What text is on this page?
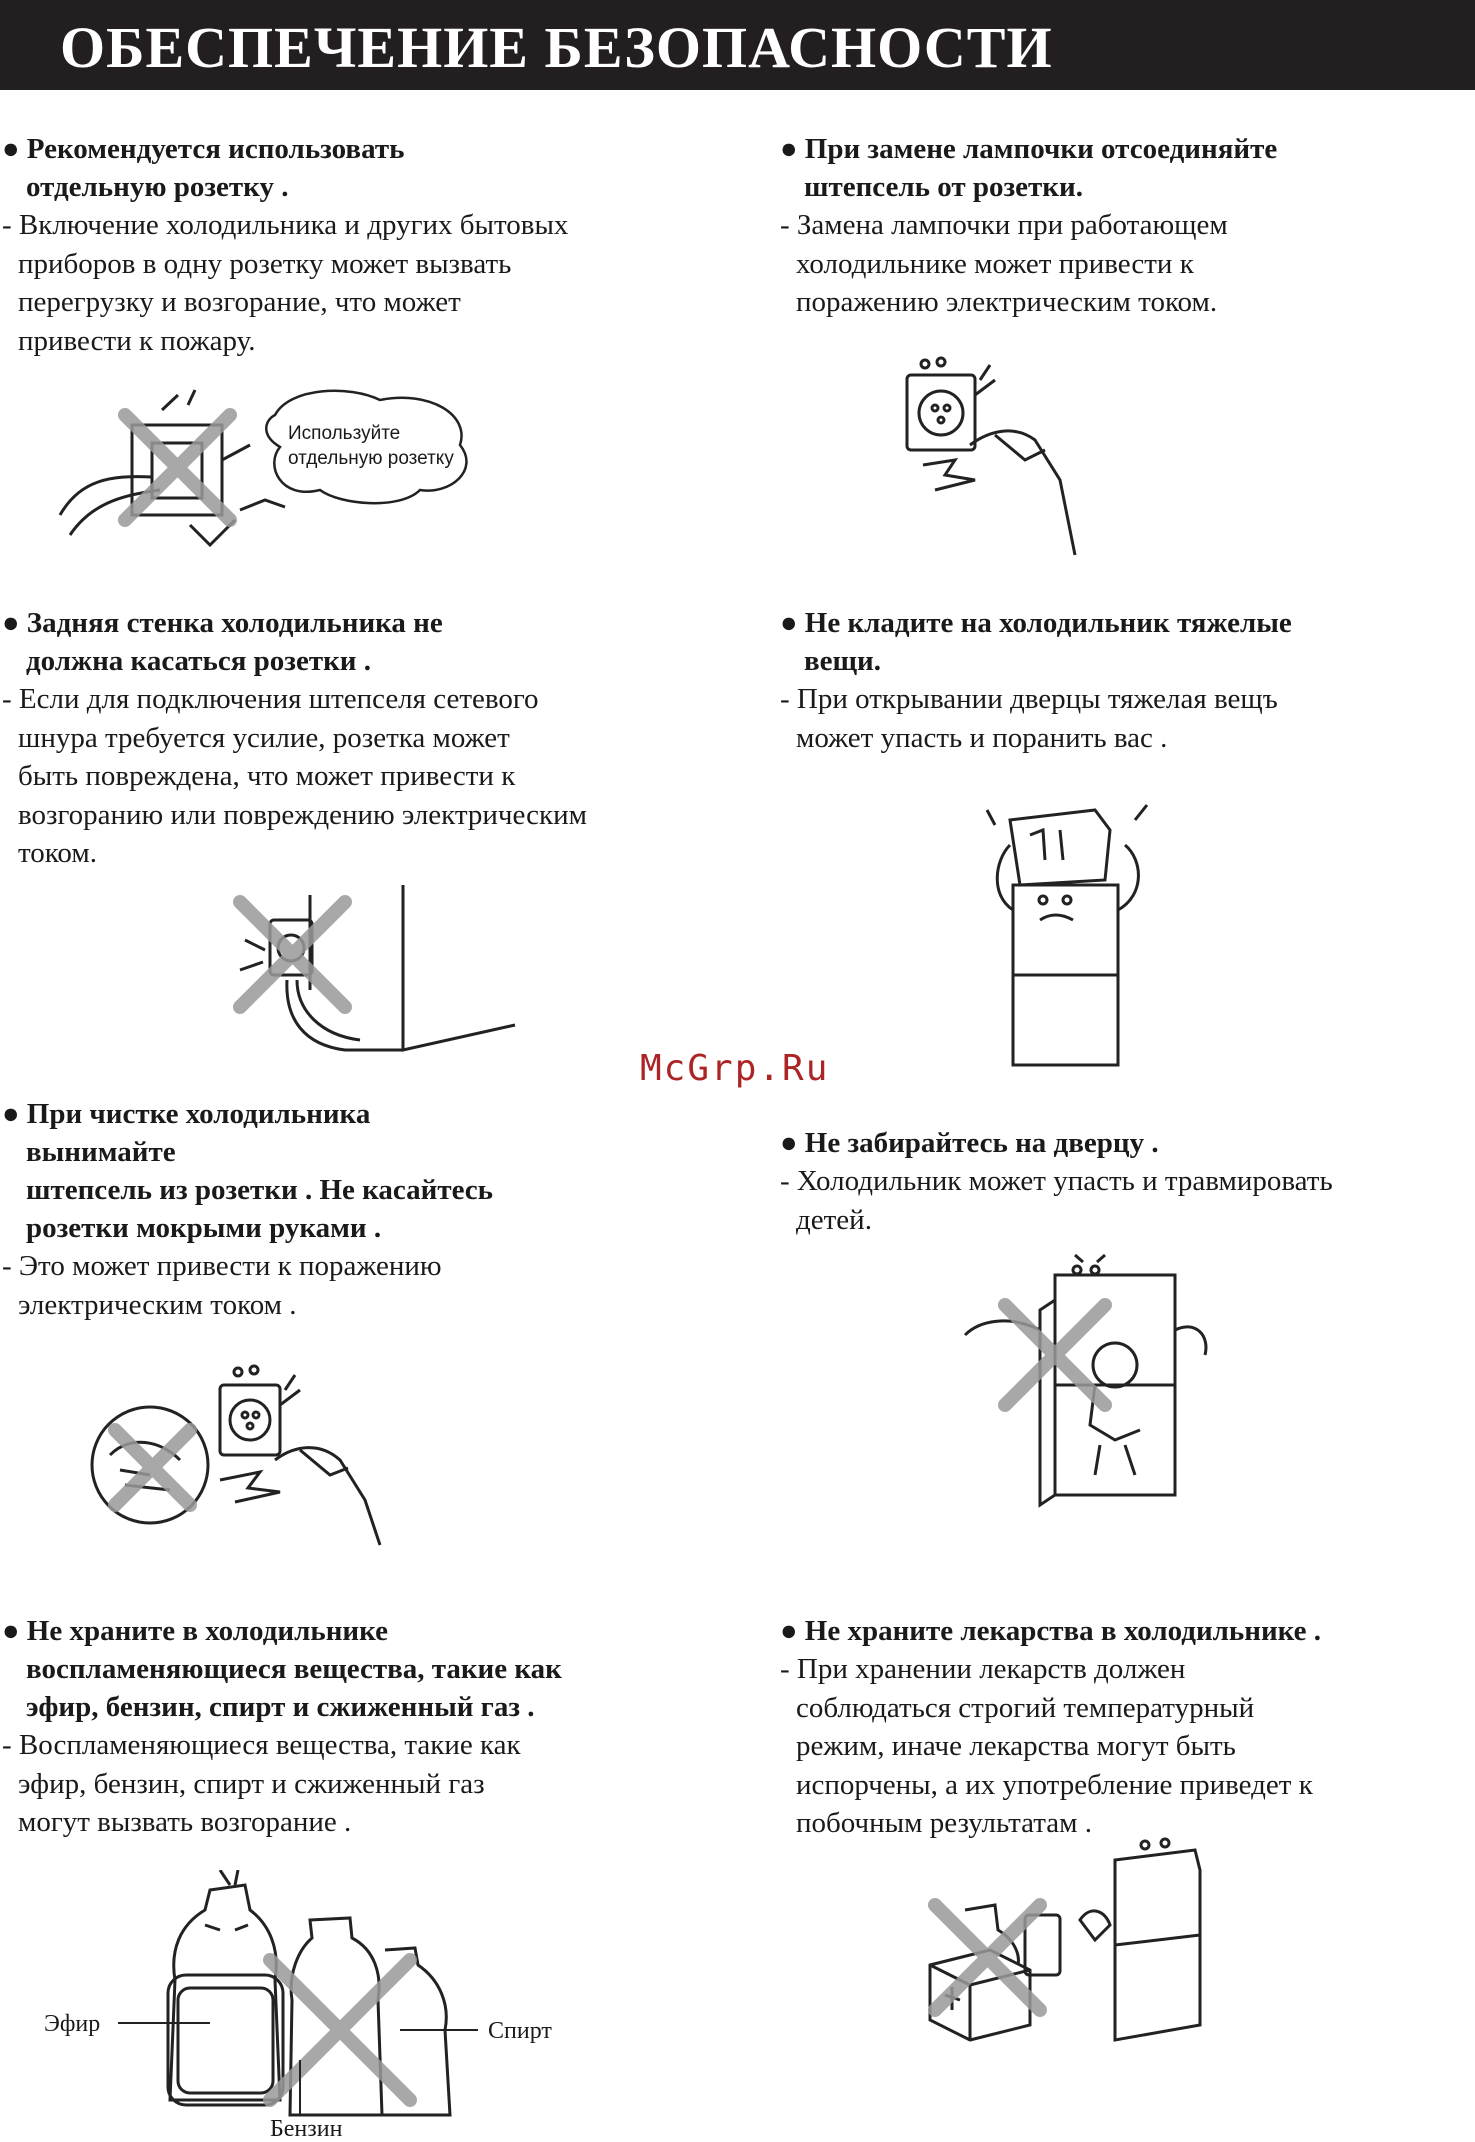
ОБЕСПЕЧЕНИЕ БЕЗОПАСНОСТИ
● Рекомендуется использовать
отдельную розетку .
- Включение холодильника и других бытовых
приборов в одну розетку может вызвать
перегрузку и возгорание, что может
привести к пожару.
Используйте
отдельную розетку
● При замене лампочки отсоединяйте
штепсель от розетки.
- Замена лампочки при работающем
холодильнике может привести к
поражению электрическим током.
● Задняя стенка холодильника не
должна касаться розетки .
- Если для подключения штепселя сетевого
шнура требуется усилие, розетка может
быть повреждена, что может привести к
возгоранию или повреждению электрическим
током.
● Не кладите на холодильник тяжелые
вещи.
- При открывании дверцы тяжелая вещъ
может упасть и поранить вас .
McGrp.Ru
● При чистке холодильника
вынимайте
штепсель из розетки . Не касайтесь
розетки мокрыми руками .
- Это может привести к поражению
электрическим током .
● Не забирайтесь на дверцу .
- Холодильник может упасть и травмировать
детей.
● Не храните в холодильнике
воспламеняющиеся вещества, такие как
эфир, бензин, спирт и сжиженный газ .
- Воспламеняющиеся вещества, такие как
эфир, бензин, спирт и сжиженный газ
могут вызвать возгорание .
Эфир	Спирт
Бензин
● Не храните лекарства в холодильнике .
- При хранении лекарств должен
соблюдаться строгий температурный
режим, иначе лекарства могут быть
испорчены, а их употребление приведет к
побочным результатам .
